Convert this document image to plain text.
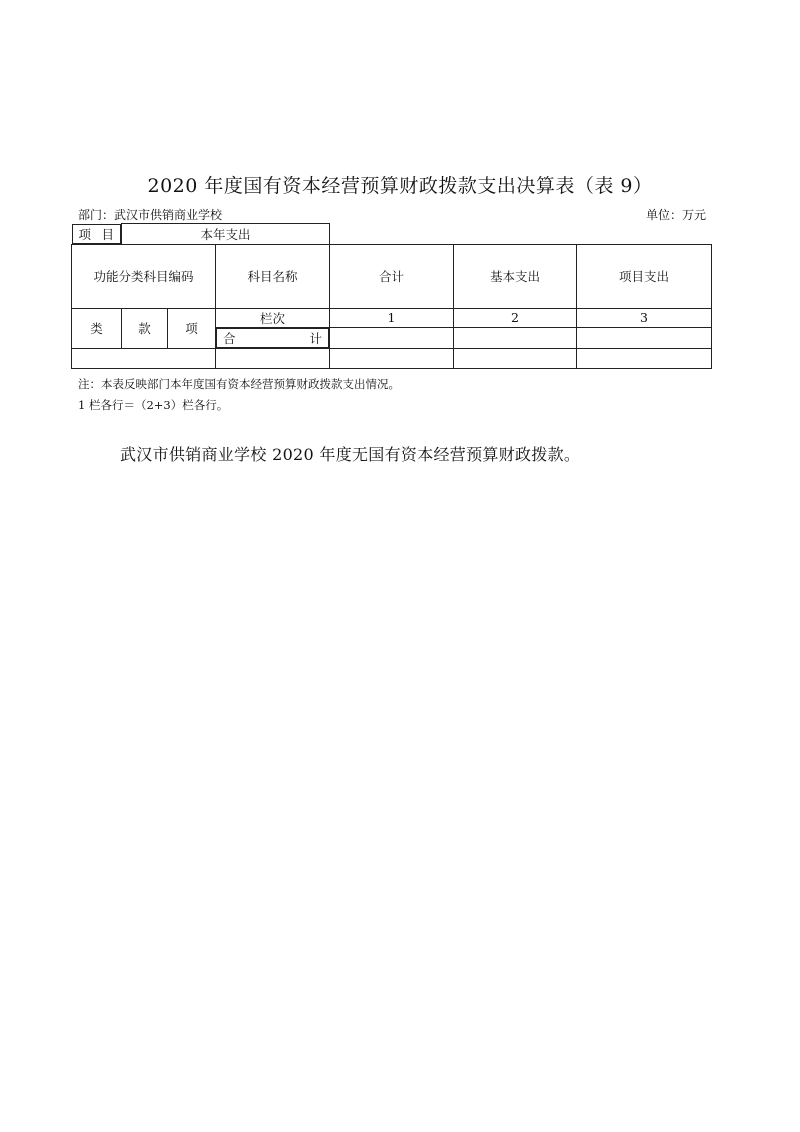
2020 年度国有资本经营预算财政拨款支出决算表（表 9）
部门：武汉市供销商业学校	单位：万元
项 目	本年支出					
功能分类科目编码			科目名称	合计	基本支出	项目支出
类	款	项	栏次	1	2	3

合	计

注：本表反映部门本年度国有资本经营预算财政拨款支出情况。
1 栏各行＝（2+3）栏各行。
武汉市供销商业学校 2020 年度无国有资本经营预算财政拨款。
